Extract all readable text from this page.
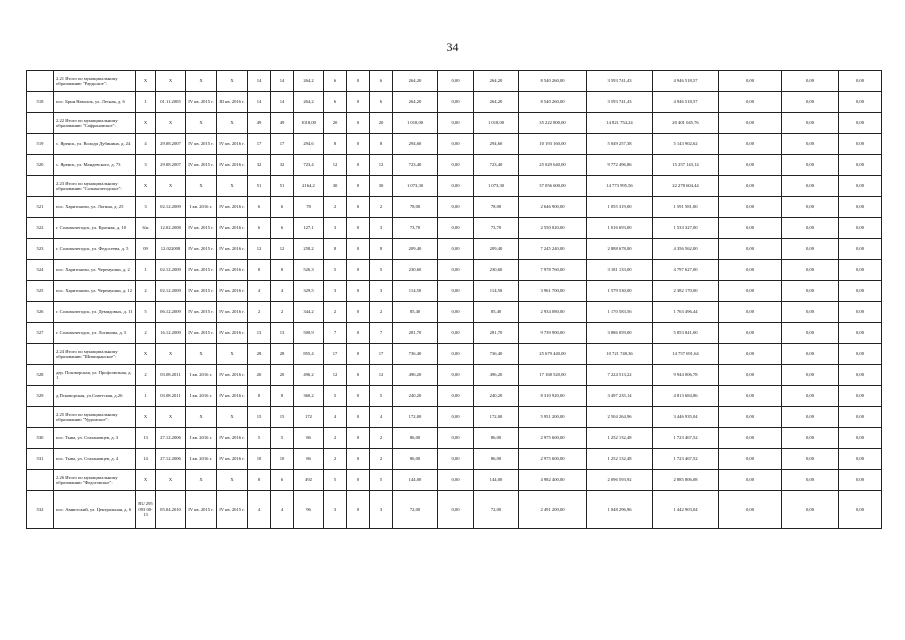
34
	2.21 Итого по муниципальному образованию "Раудьское":	X	X	X	X	14	14	264,2	6	0	6	264,20	0,00	264,20	8 540 260,00	3 593 741,43	4 946 518,57	0,00	0,00	0,00
518	пос. Брин Наволок, ул. Лесная, д. 6	1	01.11.2005	IV кв. 2015 г.	III кв. 2016 г.	14	14	264,2	6	0	6	264,20	0,00	264,20	8 540 260,00	3 593 741,43	4 946 518,57	0,00	0,00	0,00
	2.22 Итого по муниципальному образованию "Сафроновское":	X	X	X	X	49	49	1018,00	20	0	20	1 018,00	0,00	1 018,00	35 222 800,00	14 821 754,24	20 401 045,76	0,00	0,00	0,00
519	с. Яренск, ул. Володи Дубинина, д. 24	4	29.08.2007	IV кв. 2015 г.	IV кв. 2016 г.	17	17	294,6	8	0	8	294,60	0,00	294,60	10 193 160,00	5 049 257,38	5 143 902,62	0,00	0,00	0,00
520	с. Яренск, ул. Мандевского, д. 73	3	29.08.2007	IV кв. 2015 г.	IV кв. 2016 г.	32	32	723,4	12	0	12	723,40	0,00	723,40	25 029 640,00	9 772 496,86	15 257 143,14	0,00	0,00	0,00
	2.23 Итого по муниципальному образованию "Сольвычегодское":	X	X	X	X	51	51	2164,2	30	0	30	1 073,30	0,00	1 073,30	37 056 600,00	14 773 995,56	22 278 604,44	0,00	0,00	0,00
521	пос. Харитоново, ул. Логина, д. 25	3	02.12.2009	I кв. 2016 г.	IV кв. 2016 г.	6	6	78	2	0	2	78,00	0,00	78,00	2 646 900,00	1 055 319,00	1 591 581,00	0,00	0,00	0,00
522	г. Сольвычегодск, ул. Красная, д. 10	6/н	12.02.2008	IV кв. 2015 г.	IV кв. 2016 г.	6	6	127,1	3	0	3	73,70	0,00	73,70	2 550 020,00	1 016 693,00	1 533 327,00	0,00	0,00	0,00
523	г. Сольвычегодск, ул. Федосеева, д. 5	09	12.022008	IV кв. 2015 г.	IV кв. 2016 г.	12	12	258,2	8	0	8	209,40	0,00	209,40	7 245 240,00	2 888 678,00	4 356 562,00	0,00	0,00	0,00
524	пос. Харитоново, ул. Черемушки, д. 2	1	02.12.2009	IV кв. 2015 г.	IV кв. 2016 г.	8	8	526,3	5	0	5	230,60	0,00	230,60	7 978 760,00	3 181 133,00	4 797 627,00	0,00	0,00	0,00
525	пос. Харитоново, ул. Черемушки, д. 12	2	02.12.2009	IV кв. 2015 г.	IV кв. 2016 г.	4	4	329,5	3	0	3	114,50	0,00	114,50	3 961 700,00	1 579 530,00	2 382 170,00	0,00	0,00	0,00
526	г. Сольвычегодск, ул. Демидовых, д. 11	5	06.12.2009	IV кв. 2015 г.	IV кв. 2016 г.	2	2	344,2	2	0	2	85,40	0,00	85,40	2 934 080,00	1 170 583,56	1 763 496,44	0,00	0,00	0,00
527	г. Сольвычегодск, ул. Логинова, д. 5	2	16.12.2009	IV кв. 2015 г.	IV кв. 2016 г.	13	13	500,9	7	0	7	281,70	0,00	281,70	9 739 900,00	3 886 059,00	5 853 841,00	0,00	0,00	0,00
	2.24 Итого по муниципальному образованию "Шипицынское":	X	X	X	X	28	28	855,4	17	0	17	736,40	0,00	736,40	25 679 440,00	10 721 748,36	14 757 691,64	0,00	0,00	0,00
528	дер. Псковорская, ул. Профсоюзная, д. 1	2	03.08.2011	I кв. 2016 г.	IV кв. 2016 г.	20	20	496,2	12	0	12	496,20	0,00	496,20	17 168 520,00	7 224 513,22	9 944 006,78	0,00	0,00	0,00
529	д.Псковорская, ул.Советская, д.26	1	03.08.2011	I кв. 2016 г.	IV кв. 2016 г.	8	8	360,2	5	0	5	240,20	0,00	240,20	8 310 920,00	3 497 235,14	4 813 684,86	0,00	0,00	0,00
	2.25 Итого по муниципальному образованию "Урдомское":	X	X	X	X	15	15	172	4	0	4	172,00	0,00	172,00	5 951 200,00	2 504 264,96	3 446 935,04	0,00	0,00	0,00
530	пос. Тыва, ул. Стахановцев, д. 3	13	27.12.2006	I кв. 2016 г.	IV кв. 2016 г.	5	5	86	2	0	2	86,00	0,00	86,00	2 975 600,00	1 252 132,48	1 723 467,52	0,00	0,00	0,00
531	пос. Тыва, ул. Стахановцев, д. 4	14	27.12.2006	I кв. 2016 г.	IV кв. 2016 г.	10	10	86	2	0	2	86,00	0,00	86,00	2 975 600,00	1 252 132,48	1 723 467,52	0,00	0,00	0,00
	2.26 Итого по муниципальному образованию "Федоговское":	X	X	X	X	8	6	492	5	0	5	144,00	0,00	144,00	4 982 400,00	2 096 593,92	2 885 806,08	0,00	0,00	0,00
532	пос. Авнюгский, ул. Центральная, д. 6	RU 295 093 00-13	05.04.2010	IV кв. 2015 г.	IV кв. 2015 г.	4	4	96	3	0	3	72,00	0,00	72,00	2 491 200,00	1 048 296,96	1 442 903,04	0,00	0,00	0,00
